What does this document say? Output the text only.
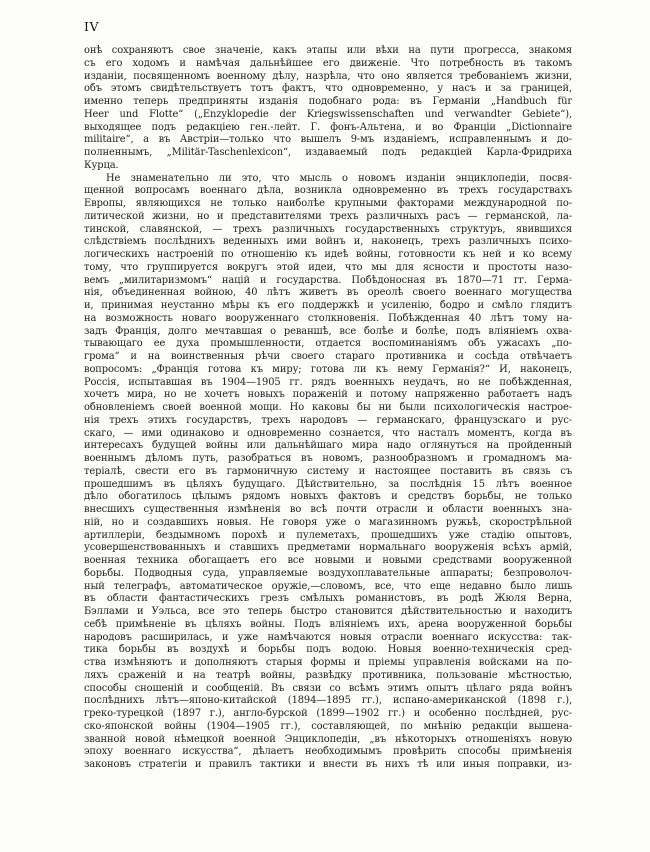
IV
онѣ сохраняютъ свое значеніе, какъ этапы или вѣхи на пути прогресса, знакомя
съ его ходомъ и намѣчая дальнѣйшее его движеніе. Что потребность въ такомъ
изданіи, посвященномъ военному дѣлу, назрѣла, что оно является требованіемъ жизни,
объ этомъ свидѣтельствуетъ тотъ фактъ, что одновременно, у насъ и за границей,
именно теперь предприняты изданія подобнаго рода: въ Германіи „Handbuch für
Heer und Flotte“ („Enzyklopedie der Kriegswissenschaften und verwandter Gebiete“),
выходящее подъ редакціею ген.-лейт. Г. фонъ-Альтена, и во Франціи „Dictionnaire
militaire“, а въ Австріи—только что вышелъ 9-мъ изданіемъ, исправленнымъ и до-
полненнымъ, „Militär-Taschenlexicon“, издаваемый подъ редакціей Карла-Фридриха
Курца.
Не знаменательно ли это, что мысль о новомъ изданіи энциклопедіи, посвя-
щенной вопросамъ военнаго дѣла, возникла одновременно въ трехъ государствахъ
Европы, являющихся не только наиболѣе крупными факторами международной по-
литической жизни, но и представителями трехъ различныхъ расъ — германской, ла-
тинской, славянской, — трехъ различныхъ государственныхъ структуръ, явившихся
слѣдствіемъ послѣднихъ веденныхъ ими войнъ и, наконецъ, трехъ различныхъ психо-
логическихъ настроеній по отношенію къ идеѣ войны, готовности къ ней и ко всему
тому, что группируется вокругъ этой идеи, что мы для ясности и простоты назо-
вемъ „милитаризмомъ“ націй и государства. Побѣдоносная въ 1870—71 гг. Герма-
нія, объединенная войною, 40 лѣтъ живетъ въ ореолѣ своего военнаго могущества
и, принимая неустанно мѣры къ его поддержкѣ и усиленію, бодро и смѣло глядитъ
на возможность новаго вооруженнаго столкновенія. Побѣжденная 40 лѣтъ тому на-
задъ Франція, долго мечтавшая о реваншѣ, все болѣе и болѣе, подъ вліяніемъ охва-
тывающаго ее духа промышленности, отдается воспоминаніямъ объ ужасахъ „по-
грома“ и на воинственныя рѣчи своего стараго противника и сосѣда отвѣчаетъ
вопросомъ: „Франція готова къ миру; готова ли къ нему Германія?“ И, наконецъ,
Россія, испытавшая въ 1904—1905 гг. рядъ военныхъ неудачъ, но не побѣжденная,
хочетъ мира, но не хочетъ новыхъ пораженій и потому напряженно работаетъ надъ
обновленіемъ своей военной мощи. Но каковы бы ни были психологическія настрое-
нія трехъ этихъ государствъ, трехъ народовъ — германскаго, французскаго и рус-
скаго, — ими одинаково и одновременно сознается, что насталъ моментъ, когда въ
интересахъ будущей войны или дальнѣйшаго мира надо оглянуться на пройденный
военнымъ дѣломъ путь, разобраться въ новомъ, разнообразномъ и громадномъ ма-
теріалѣ, свести его въ гармоничную систему и настоящее поставить въ связь съ
прошедшимъ въ цѣляхъ будущаго. Дѣйствительно, за послѣднія 15 лѣтъ военное
дѣло обогатилось цѣлымъ рядомъ новыхъ фактовъ и средствъ борьбы, не только
внесшихъ существенныя измѣненія во всѣ почти отрасли и области военныхъ зна-
ній, но и создавшихъ новыя. Не говоря уже о магазинномъ ружьѣ, скорострѣльной
артиллеріи, бездымномъ порохѣ и пулеметахъ, прошедшихъ уже стадію опытовъ,
усовершенствованныхъ и ставшихъ предметами нормальнаго вооруженія всѣхъ армій,
военная техника обогащаетъ его все новыми и новыми средствами вооруженной
борьбы. Подводныя суда, управляемые воздухоплавательные аппараты; безпроволоч-
ный телеграфъ, автоматическое оружіе,—словомъ, все, что еще недавно было лишь
въ области фантастическихъ грезъ смѣлыхъ романистовъ, въ родѣ Жюля Верна,
Бэллами и Уэльса, все это теперь быстро становится дѣйствительностью и находитъ
себѣ примѣненіе въ цѣляхъ войны. Подъ вліяніемъ ихъ, арена вооруженной борьбы
народовъ расширилась, и уже намѣчаются новыя отрасли военнаго искусства: так-
тика борьбы въ воздухѣ и борьбы подъ водою. Новыя военно-техническія сред-
ства измѣняютъ и дополняютъ старыя формы и пріемы управленія войсками на по-
ляхъ сраженій и на театрѣ войны, развѣдку противника, пользованіе мѣстностью,
способы сношеній и сообщеній. Въ связи со всѣмъ этимъ опытъ цѣлаго ряда войнъ
послѣднихъ лѣтъ—японо-китайской (1894—1895 гг.), испано-американской (1898 г.),
греко-турецкой (1897 г.), англо-бурской (1899—1902 гг.) и особенно послѣдней, рус-
ско-японской войны (1904—1905 гг.), составляющей, по мнѣнію редакціи вышена-
званной новой нѣмецкой военной Энциклопедіи, „въ нѣкоторыхъ отношеніяхъ новую
эпоху военнаго искусства“, дѣлаетъ необходимымъ провѣрить способы примѣненія
законовъ стратегіи и правилъ тактики и внести въ нихъ тѣ или иныя поправки, из-
